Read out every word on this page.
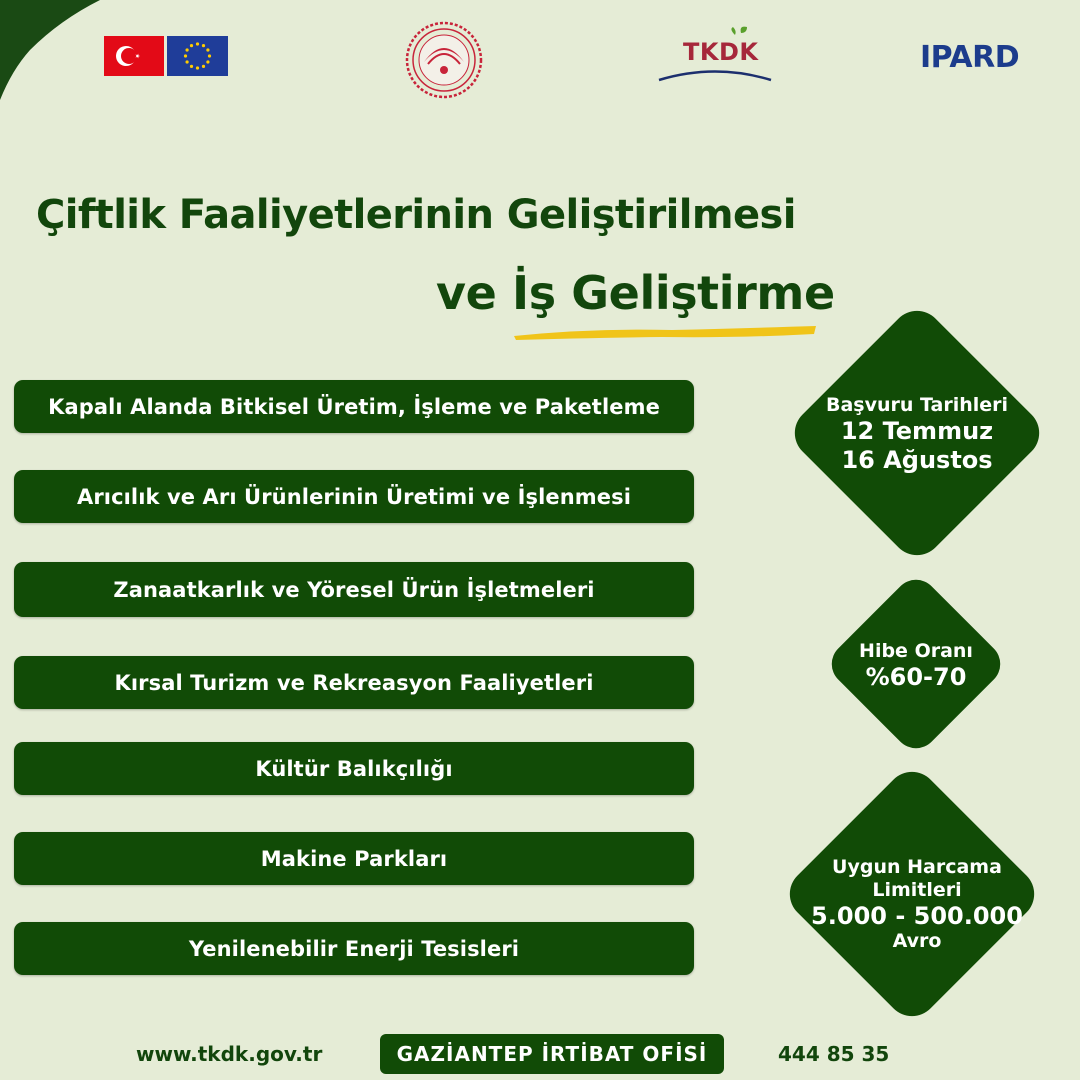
TKDK	IPARD
Çiftlik Faaliyetlerinin Geliştirilmesi
ve İş Geliştirme
Kapalı Alanda Bitkisel Üretim, İşleme ve Paketleme
Arıcılık ve Arı Ürünlerinin Üretimi ve İşlenmesi
Zanaatkarlık ve Yöresel Ürün İşletmeleri
Kırsal Turizm ve Rekreasyon Faaliyetleri
Kültür Balıkçılığı
Makine Parkları
Yenilenebilir Enerji Tesisleri
Başvuru Tarihleri
12 Temmuz
16 Ağustos
Hibe Oranı
%60-70
Uygun Harcama
Limitleri
5.000 - 500.000
Avro
www.tkdk.gov.tr	GAZİANTEP İRTİBAT OFİSİ	444 85 35
